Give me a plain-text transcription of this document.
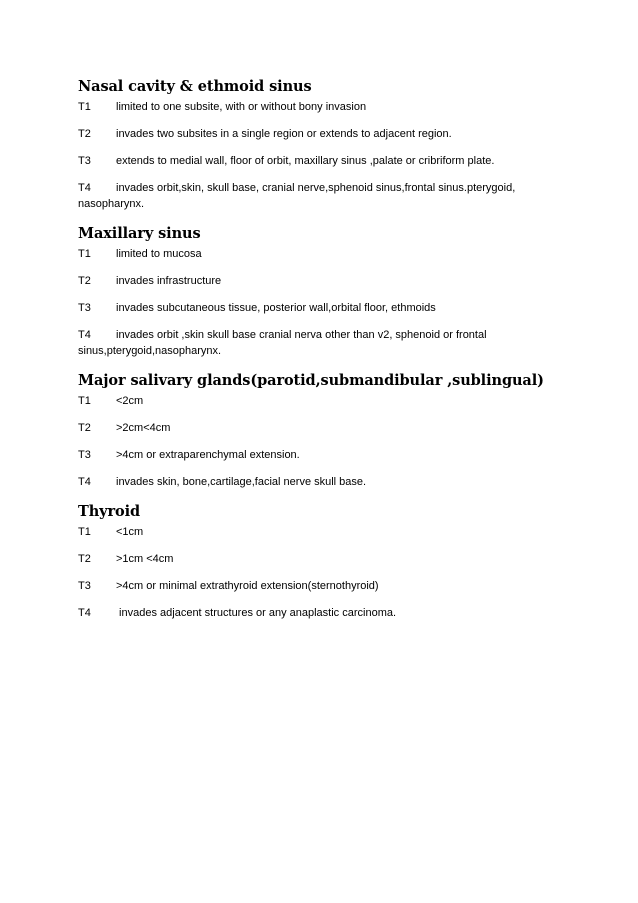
Nasal cavity & ethmoid sinus
T1 limited to one subsite, with or without bony invasion
T2 invades two subsites in a single region or extends to adjacent region.
T3 extends to medial wall, floor of orbit, maxillary sinus ,palate or cribriform plate.
T4 invades orbit,skin, skull base, cranial nerve,sphenoid sinus,frontal sinus.pterygoid,
nasopharynx.
Maxillary sinus
T1 limited to mucosa
T2 invades infrastructure
T3 invades subcutaneous tissue, posterior wall,orbital floor, ethmoids
T4 invades orbit ,skin skull base cranial nerva other than v2, sphenoid or frontal
sinus,pterygoid,nasopharynx.
Major salivary glands(parotid,submandibular ,sublingual)
T1 <2cm
T2 >2cm<4cm
T3 >4cm or extraparenchymal extension.
T4 invades skin, bone,cartilage,facial nerve skull base.
Thyroid
T1 <1cm
T2 >1cm <4cm
T3 >4cm or minimal extrathyroid extension(sternothyroid)
T4 invades adjacent structures or any anaplastic carcinoma.
